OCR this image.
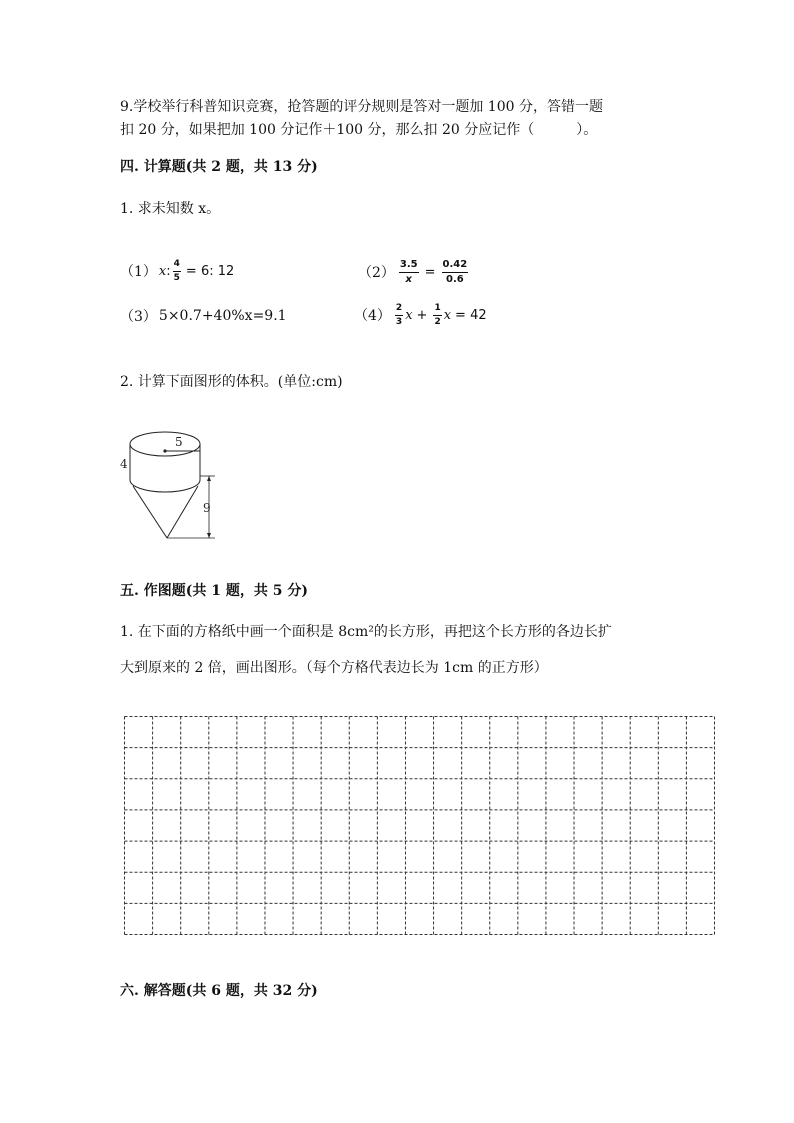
9.学校举行科普知识竞赛，抢答题的评分规则是答对一题加 100 分，答错一题
扣 20 分，如果把加 100 分记作＋100 分，那么扣 20 分应记作（　　　）。
四. 计算题(共 2 题，共 13 分)
1. 求未知数 x。
（1） x : $\frac{4}{5} = 6$: 12	$(2) \frac{3.5}{x} = \frac{0.42}{0.6}$
（3） 5×0.7+40%x=9.1	$(4) \frac{2}{3}$ $x + \frac{1}{2}$ x = 42
2. 计算下面图形的体积。(单位:cm)
5
4
9
五. 作图题(共 1 题，共 5 分)
1. 在下面的方格纸中画一个面积是 8cm²的长方形，再把这个长方形的各边长扩
大到原来的 2 倍，画出图形。（每个方格代表边长为 1cm 的正方形）
六. 解答题(共 6 题，共 32 分)
